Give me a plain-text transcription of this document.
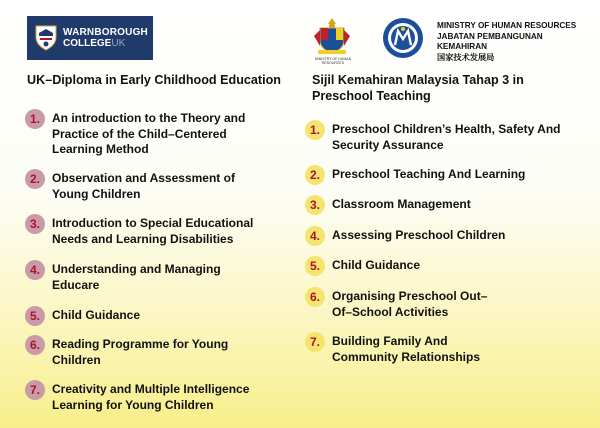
WARNBOROUGH
COLLEGEUK
MINISTRY OF HUMAN RESOURCES
MINISTRY OF HUMAN RESOURCES
JABATAN PEMBANGUNAN KEMAHIRAN
国家技术发展局
UK–Diploma in Early Childhood Education
1.	An introduction to the Theory and Practice of the Child–Centered Learning Method
2.	Observation and Assessment of Young Children
3.	Introduction to Special Educational Needs and Learning Disabilities
4.	Understanding and Managing Educare
5.	Child Guidance
6.	Reading Programme for Young Children
7.	Creativity and Multiple Intelligence Learning for Young Children
Sijil Kemahiran Malaysia Tahap 3 in Preschool Teaching
1.	Preschool Children’s Health, Safety And Security Assurance
2.	Preschool Teaching And Learning
3.	Classroom Management
4.	Assessing Preschool Children
5.	Child Guidance
6.	Organising Preschool Out–Of–School Activities
7.	Building Family And Community Relationships
